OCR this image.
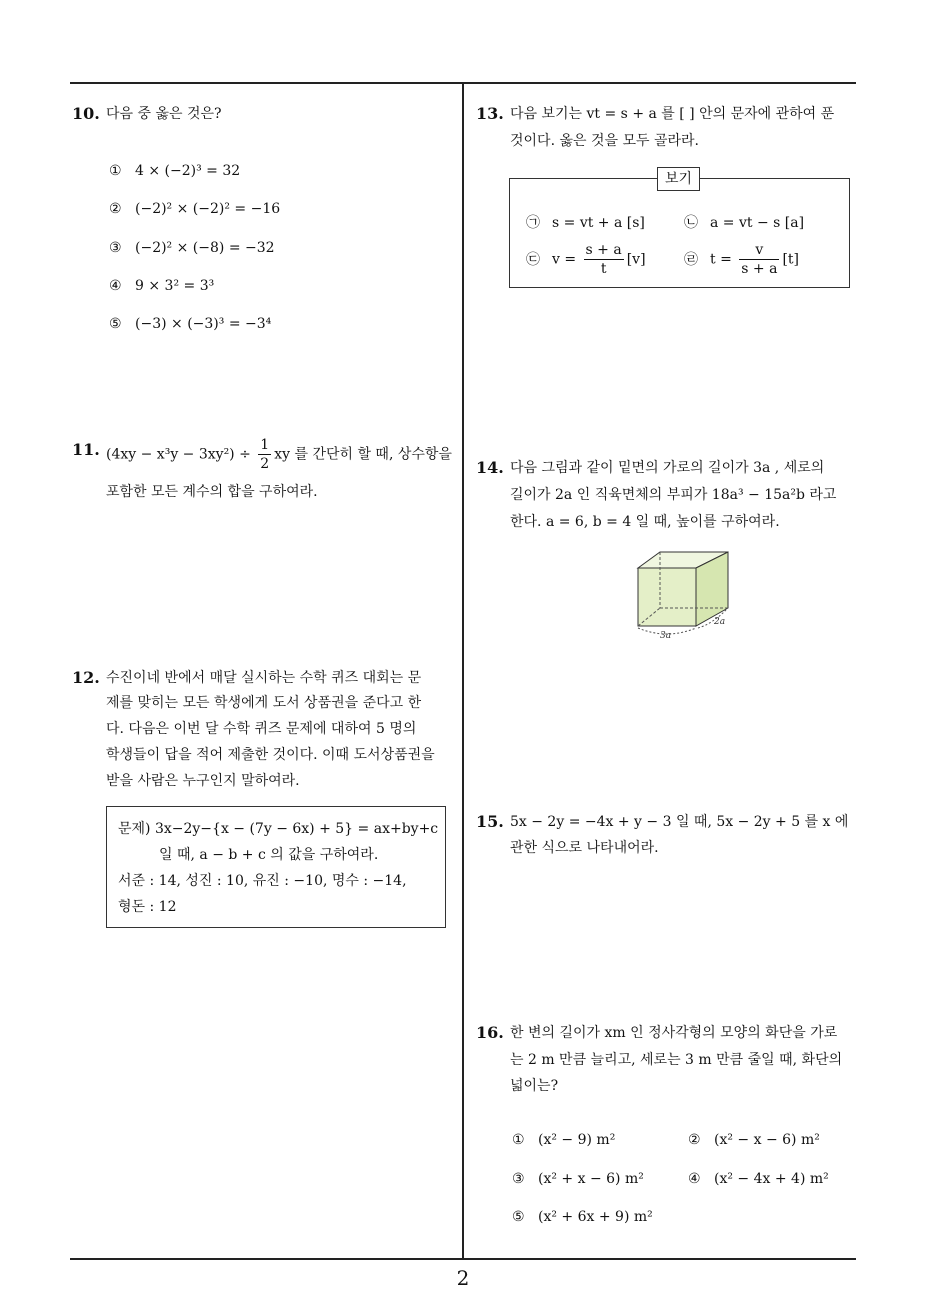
10. 다음 중 옳은 것은?
① 4 × (−2)³ = 32
② (−2)² × (−2)² = −16
③ (−2)² × (−8) = −32
④ 9 × 3² = 3³
⑤ (−3) × (−3)³ = −3⁴
11. $(4xy - x^3y - 3xy^2) \div \frac{1}{2}$ xy 를 간단히 할 때, 상수항을
포함한 모든 계수의 합을 구하여라.
12. 수진이네 반에서 매달 실시하는 수학 퀴즈 대회는 문
제를 맞히는 모든 학생에게 도서 상품권을 준다고 한
다. 다음은 이번 달 수학 퀴즈 문제에 대하여 5 명의
학생들이 답을 적어 제출한 것이다. 이때 도서상품권을
받을 사람은 누구인지 말하여라.
문제) 3x−2y−{x − (7y − 6x) + 5} = ax+by+c
일 때, a − b + c 의 값을 구하여라.
서준 : 14, 성진 : 10, 유진 : −10, 명수 : −14,
형돈 : 12
13. 다음 보기는 vt = s + a 를 [ ] 안의 문자에 관하여 푼
것이다. 옳은 것을 모두 골라라.
보기
㉠ s = vt + a [s]	㉡ a = vt − s [a]
㉢ $v = \frac{s + a}{t} [v]$	㉣ $t = \frac{v}{s + a} [t]$
14. 다음 그림과 같이 밑면의 가로의 길이가 3a , 세로의
길이가 2a 인 직육면체의 부피가 18a³ − 15a²b 라고
한다. a = 6, b = 4 일 때, 높이를 구하여라.
3a
2a
15. 5x − 2y = −4x + y − 3 일 때, 5x − 2y + 5 를 x 에
관한 식으로 나타내어라.
16. 한 변의 길이가 xm 인 정사각형의 모양의 화단을 가로
는 2 m 만큼 늘리고, 세로는 3 m 만큼 줄일 때, 화단의
넓이는?
① (x² − 9) m²	② (x² − x − 6) m²
③ (x² + x − 6) m²	④ (x² − 4x + 4) m²
⑤ (x² + 6x + 9) m²
2
